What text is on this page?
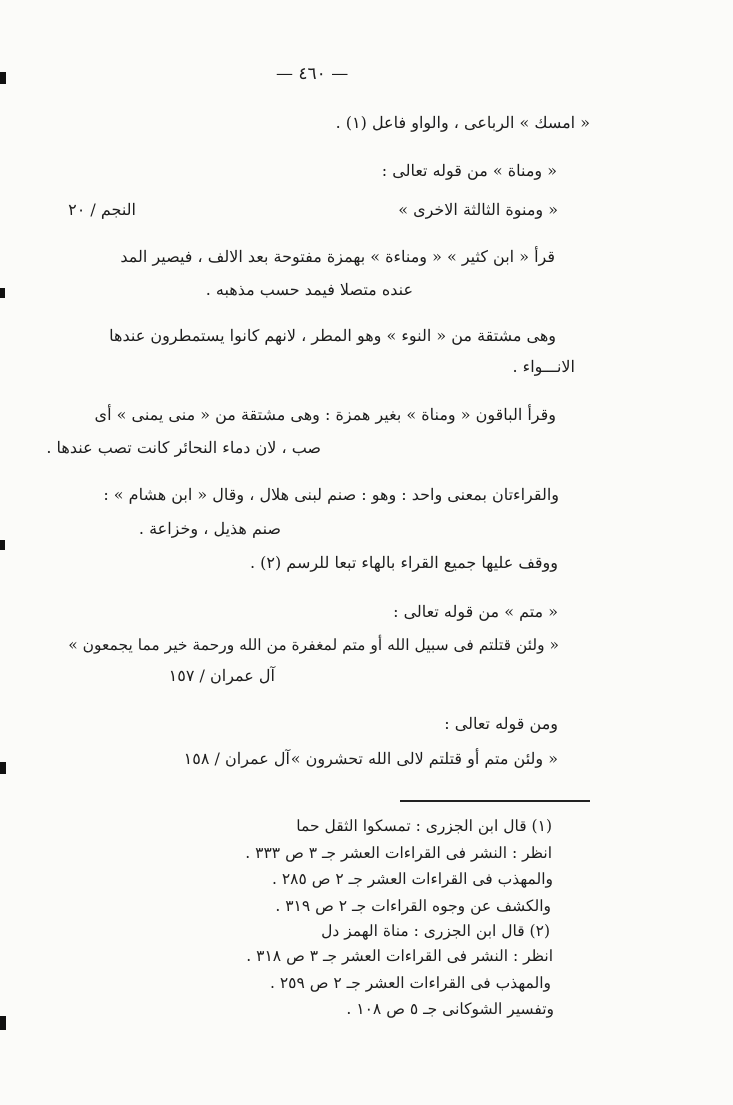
— ٤٦٠ —
« امسك » الرباعى ، والواو فاعل (١) .
« ومناة » من قوله تعالى :
« ومنوة الثالثة الاخرى »
النجم / ٢٠
قرأ « ابن كثير » « ومناءة » بهمزة مفتوحة بعد الالف ، فيصير المد
عنده متصلا فيمد حسب مذهبه .
وهى مشتقة من « النوء » وهو المطر ، لانهم كانوا يستمطرون عندها
الانـــواء .
وقرأ الباقون « ومناة » بغير همزة : وهى مشتقة من « منى يمنى » أى
صب ، لان دماء النحائر كانت تصب عندها .
والقراءتان بمعنى واحد : وهو : صنم لبنى هلال ، وقال « ابن هشام » :
صنم هذيل ، وخزاعة .
ووقف عليها جميع القراء بالهاء تبعا للرسم (٢) .
« متم » من قوله تعالى :
« ولئن قتلتم فى سبيل الله أو متم لمغفرة من الله ورحمة خير مما يجمعون »
آل عمران / ١٥٧
ومن قوله تعالى :
« ولئن متم أو قتلتم لالى الله تحشرون »
آل عمران / ١٥٨
(١) قال ابن الجزرى : تمسكوا الثقل حما
انظر : النشر فى القراءات العشر جـ ٣ ص ٣٣٣ .
والمهذب فى القراءات العشر جـ ٢ ص ٢٨٥ .
والكشف عن وجوه القراءات جـ ٢ ص ٣١٩ .
(٢) قال ابن الجزرى : مناة الهمز دل
انظر : النشر فى القراءات العشر جـ ٣ ص ٣١٨ .
والمهذب فى القراءات العشر جـ ٢ ص ٢٥٩ .
وتفسير الشوكانى جـ ٥ ص ١٠٨ .
